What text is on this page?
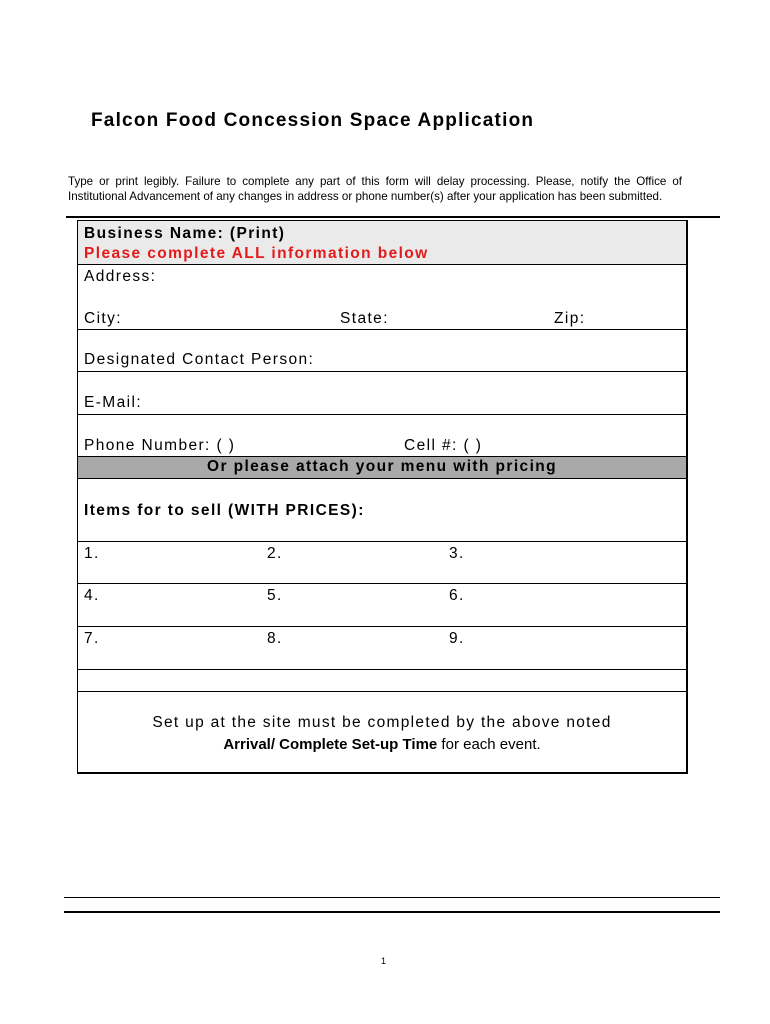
Falcon Food Concession Space Application
Type or print legibly. Failure to complete any part of this form will delay processing. Please, notify the Office of Institutional Advancement of any changes in address or phone number(s) after your application has been submitted.
Business Name: (Print)
Please complete ALL information below
Address:
City:	State:	Zip:
Designated Contact Person:
E-Mail:
Phone Number: ( )	Cell #: ( )
Or please attach your menu with pricing
Items for to sell (WITH PRICES):
1.	2.	3.
4.	5.	6.
7.	8.	9.
Set up at the site must be completed by the above noted
Arrival/ Complete Set-up Time for each event.
1
